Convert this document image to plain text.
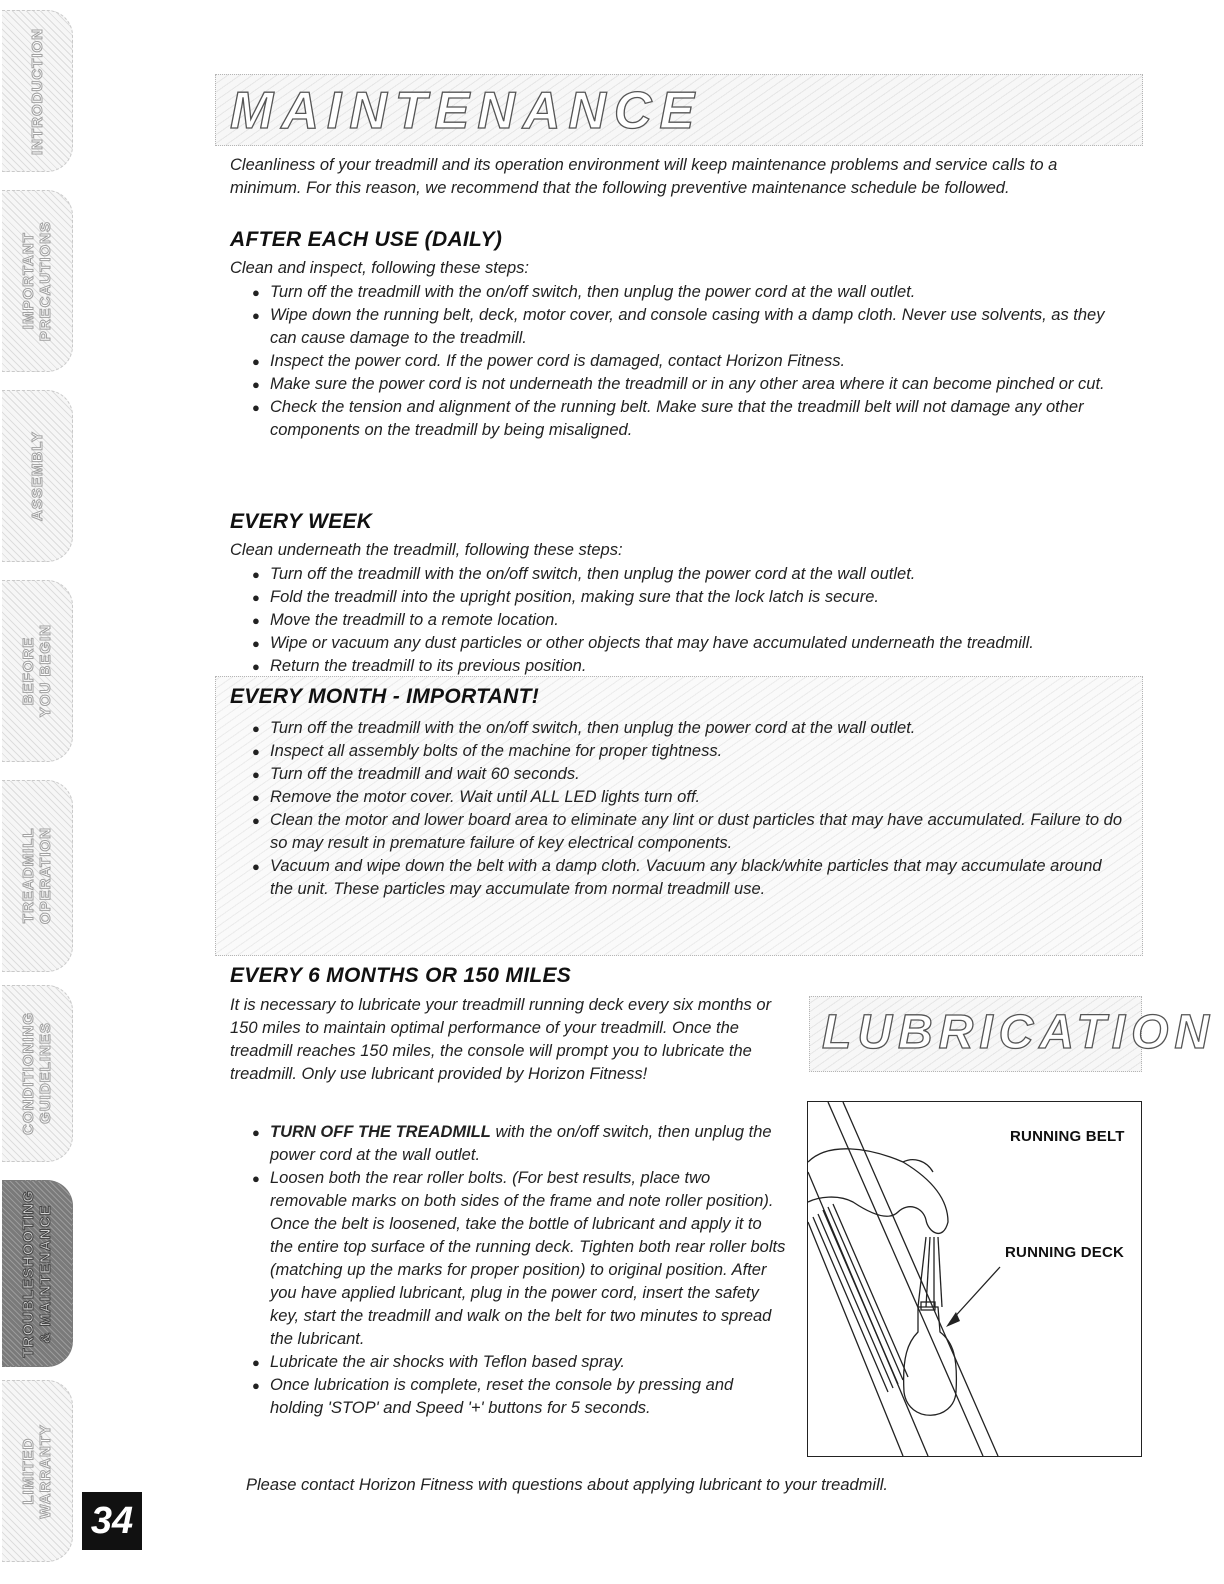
INTRODUCTION
IMPORTANT
PRECAUTIONS
ASSEMBLY
BEFORE
YOU BEGIN
TREADMILL
OPERATION
CONDITIONING
GUIDELINES
TROUBLESHOOTING
& MAINTENANCE
LIMITED
WARRANTY
34
MAINTENANCE

Cleanliness of your treadmill and its operation environment will keep maintenance problems and service calls to a minimum. For this reason, we recommend that the following preventive maintenance schedule be followed.

AFTER EACH USE (DAILY)

Clean and inspect, following these steps:

● Turn off the treadmill with the on/off switch, then unplug the power cord at the wall outlet.
● Wipe down the running belt, deck, motor cover, and console casing with a damp cloth. Never use solvents, as they can cause damage to the treadmill.
● Inspect the power cord. If the power cord is damaged, contact Horizon Fitness.
● Make sure the power cord is not underneath the treadmill or in any other area where it can become pinched or cut.
● Check the tension and alignment of the running belt. Make sure that the treadmill belt will not damage any other components on the treadmill by being misaligned.
EVERY WEEK

Clean underneath the treadmill, following these steps:

● Turn off the treadmill with the on/off switch, then unplug the power cord at the wall outlet.
● Fold the treadmill into the upright position, making sure that the lock latch is secure.
● Move the treadmill to a remote location.
● Wipe or vacuum any dust particles or other objects that may have accumulated underneath the treadmill.
● Return the treadmill to its previous position.
EVERY MONTH - IMPORTANT!
● Turn off the treadmill with the on/off switch, then unplug the power cord at the wall outlet.
● Inspect all assembly bolts of the machine for proper tightness.
● Turn off the treadmill and wait 60 seconds.
● Remove the motor cover. Wait until ALL LED lights turn off.
● Clean the motor and lower board area to eliminate any lint or dust particles that may have accumulated. Failure to do so may result in premature failure of key electrical components.
● Vacuum and wipe down the belt with a damp cloth. Vacuum any black/white particles that may accumulate around the unit. These particles may accumulate from normal treadmill use.
EVERY 6 MONTHS OR 150 MILES

It is necessary to lubricate your treadmill running deck every six months or 150 miles to maintain optimal performance of your treadmill. Once the treadmill reaches 150 miles, the console will prompt you to lubricate the treadmill. Only use lubricant provided by Horizon Fitness!

LUBRICATION
● TURN OFF THE TREADMILL with the on/off switch, then unplug the power cord at the wall outlet.
● Loosen both the rear roller bolts. (For best results, place two removable marks on both sides of the frame and note roller position). Once the belt is loosened, take the bottle of lubricant and apply it to the entire top surface of the running deck. Tighten both rear roller bolts (matching up the marks for proper position) to original position. After you have applied lubricant, plug in the power cord, insert the safety key, start the treadmill and walk on the belt for two minutes to spread the lubricant.
● Lubricate the air shocks with Teflon based spray.
● Once lubrication is complete, reset the console by pressing and holding 'STOP' and Speed '+' buttons for 5 seconds.
RUNNING BELT
RUNNING DECK

Please contact Horizon Fitness with questions about applying lubricant to your treadmill.
